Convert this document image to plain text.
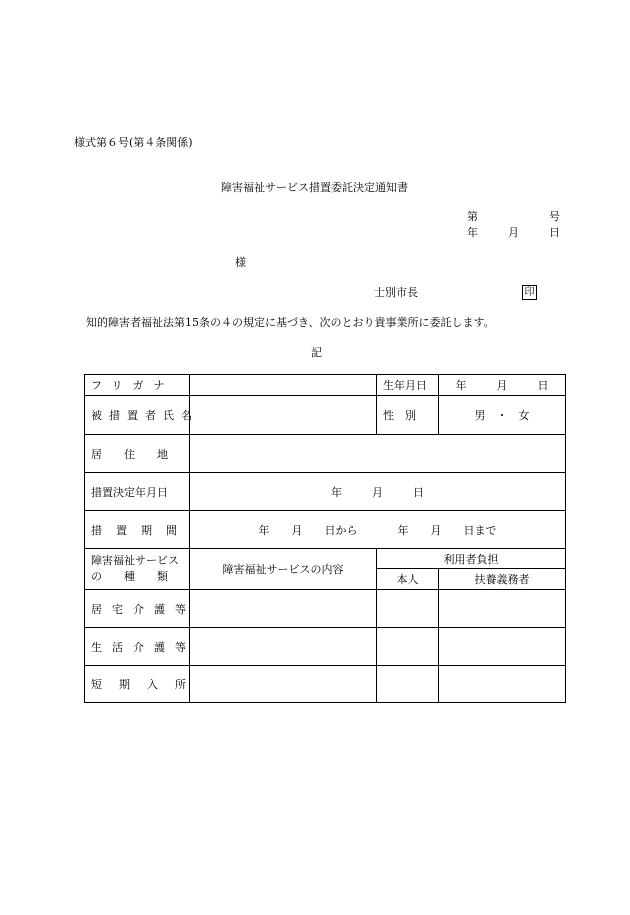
様式第６号(第４条関係)
障害福祉サービス措置委託決定通知書
第	号
年	月	日
様
士別市長	印
知的障害者福祉法第15条の４の規定に基づき、次のとおり貴事業所に委託します。
記
フリガナ		生年月日	年 月 日
被措置者氏名		性　別	男　・　女
居住地			
措置決定年月日	年 月 日		
措置期間	年 月 日から 年 月 日まで		
障害福祉サービス
の　　種　　類	障害福祉サービスの内容	利用者負担	
		本人	扶養義務者
居宅介護等			
生活介護等			
短期入所			
